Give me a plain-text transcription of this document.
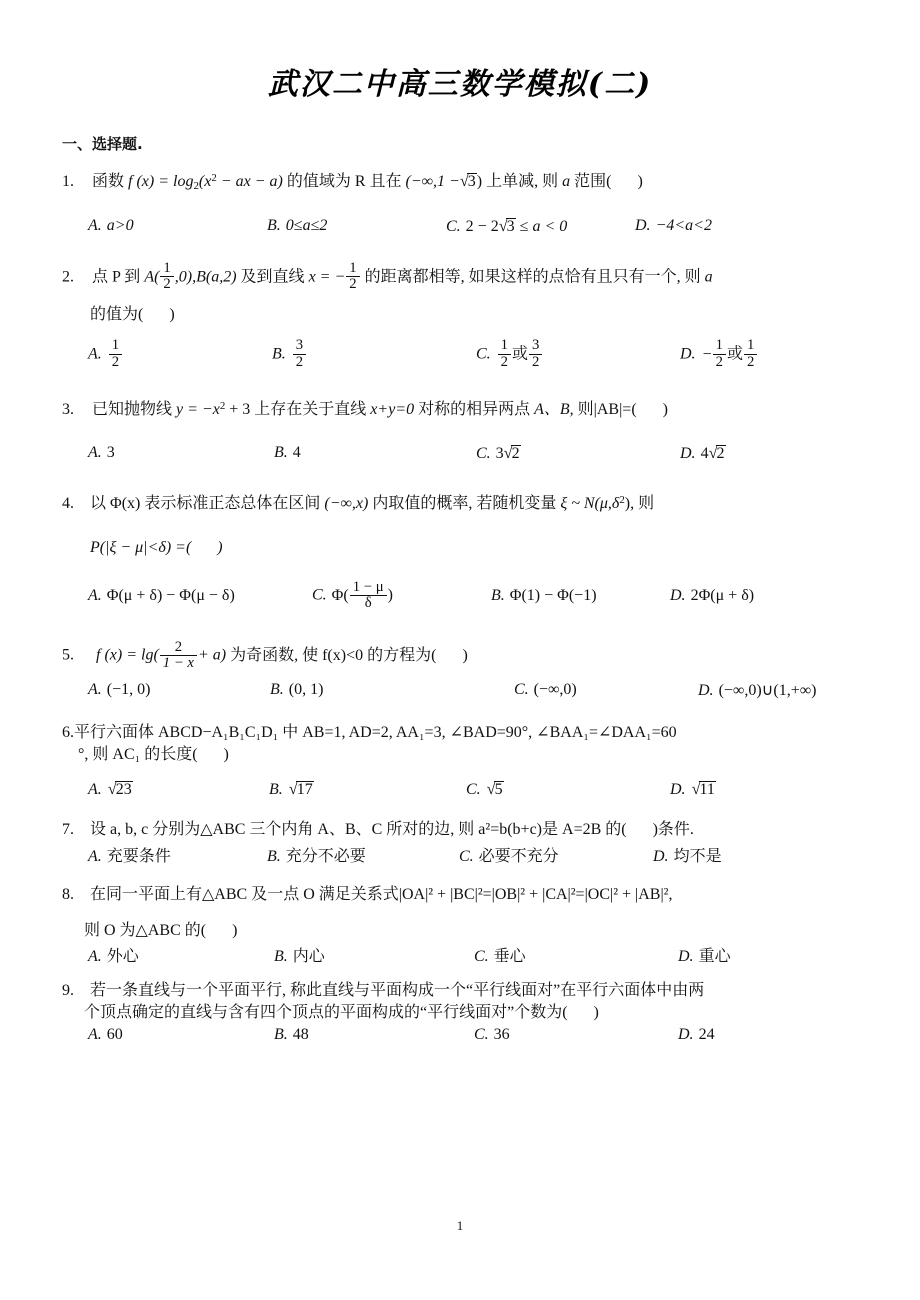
武汉二中高三数学模拟(二)
一、选择题.
1. 函数 f $(x) = \log_2(x^2$ − ax − a) 的值域为 R 且在 (−∞,1 −√3) 上单减, 则 a 范围( )
A. a>0	B. 0≤a≤2	C. 2 − 2√3 ≤ a < 0	D. −4<a<2
2. 点 P 到 $A( \frac{1}{2} ,0),B(a,2)$ 及到直线 x = − $\frac{1}{2}$ 的距离都相等, 如果这样的点恰有且只有一个, 则 a
的值为( )
A. $\frac{1}{2}$	B. $\frac{3}{2}$	C. $\frac{1}{2}$ 或 $\frac{3}{2}$	D. − $\frac{1}{2}$ 或 $\frac{1}{2}$
3. 已知抛物线 $y = -x^2 + 3$ 上存在关于直线 x+y=0 对称的相异两点 A、B, 则|AB|=( )
A. 3	B. 4	C. 3√2	D. 4√2
4. 以 Φ(x) 表示标准正态总体在区间 (−∞,x) 内取值的概率, 若随机变量 ξ ~ $N(\mu,\delta^2)$, 则
P(|ξ − μ|<δ) =( )
A. Φ(μ + δ) − Φ(μ − δ)	C. $\Phi( \frac{1 - \mu}{\delta}$ )	B. Φ(1) − Φ(−1)	D. 2Φ(μ + δ)
5. f $(x) = \lg( \frac{2}{1 - x} + a)$ 为奇函数, 使 f(x)<0 的方程为( )
A. (−1, 0)	B. (0, 1)	C. (−∞,0)	D. (−∞,0)∪(1,+∞)
6.平行六面体 ABCD−A₁B₁C₁D₁ 中 AB=1, AD=2, AA₁=3, ∠BAD=90°, ∠BAA₁=∠DAA₁=60
°, 则 AC₁ 的长度( )
A. √23	B. √17	C. √5	D. √11
7. 设 a, b, c 分别为△ABC 三个内角 A、B、C 所对的边, 则 a²=b(b+c)是 A=2B 的( )条件.
A. 充要条件	B. 充分不必要	C. 必要不充分	D. 均不是
8. 在同一平面上有△ABC 及一点 O 满足关系式|OA|² + |BC|²=|OB|² + |CA|²=|OC|² + |AB|²,
则 O 为△ABC 的( )
A. 外心	B. 内心	C. 垂心	D. 重心
9. 若一条直线与一个平面平行, 称此直线与平面构成一个“平行线面对”在平行六面体中由两
个顶点确定的直线与含有四个顶点的平面构成的“平行线面对”个数为( )
A. 60	B. 48	C. 36	D. 24
1
